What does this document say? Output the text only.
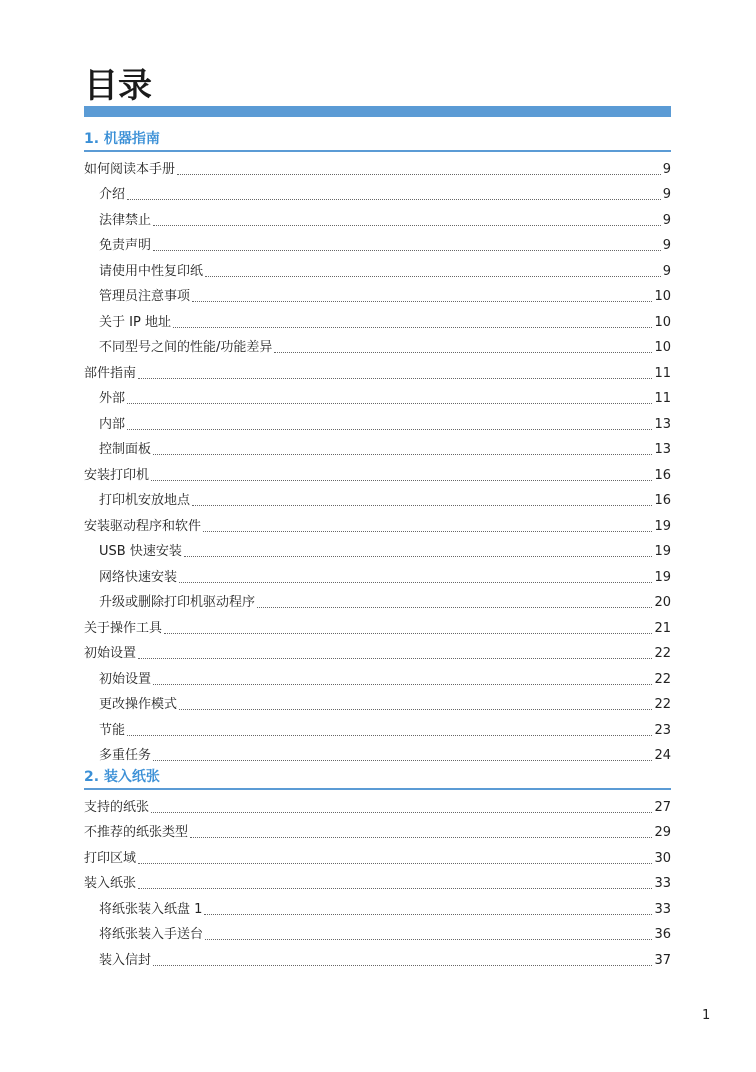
目录
1. 机器指南
如何阅读本手册	9
介绍	9
法律禁止	9
免责声明	9
请使用中性复印纸	9
管理员注意事项	10
关于 IP 地址	10
不同型号之间的性能/功能差异	10
部件指南	11
外部	11
内部	13
控制面板	13
安装打印机	16
打印机安放地点	16
安装驱动程序和软件	19
USB 快速安装	19
网络快速安装	19
升级或删除打印机驱动程序	20
关于操作工具	21
初始设置	22
初始设置	22
更改操作模式	22
节能	23
多重任务	24
2. 装入纸张
支持的纸张	27
不推荐的纸张类型	29
打印区域	30
装入纸张	33
将纸张装入纸盘 1	33
将纸张装入手送台	36
装入信封	37
1
